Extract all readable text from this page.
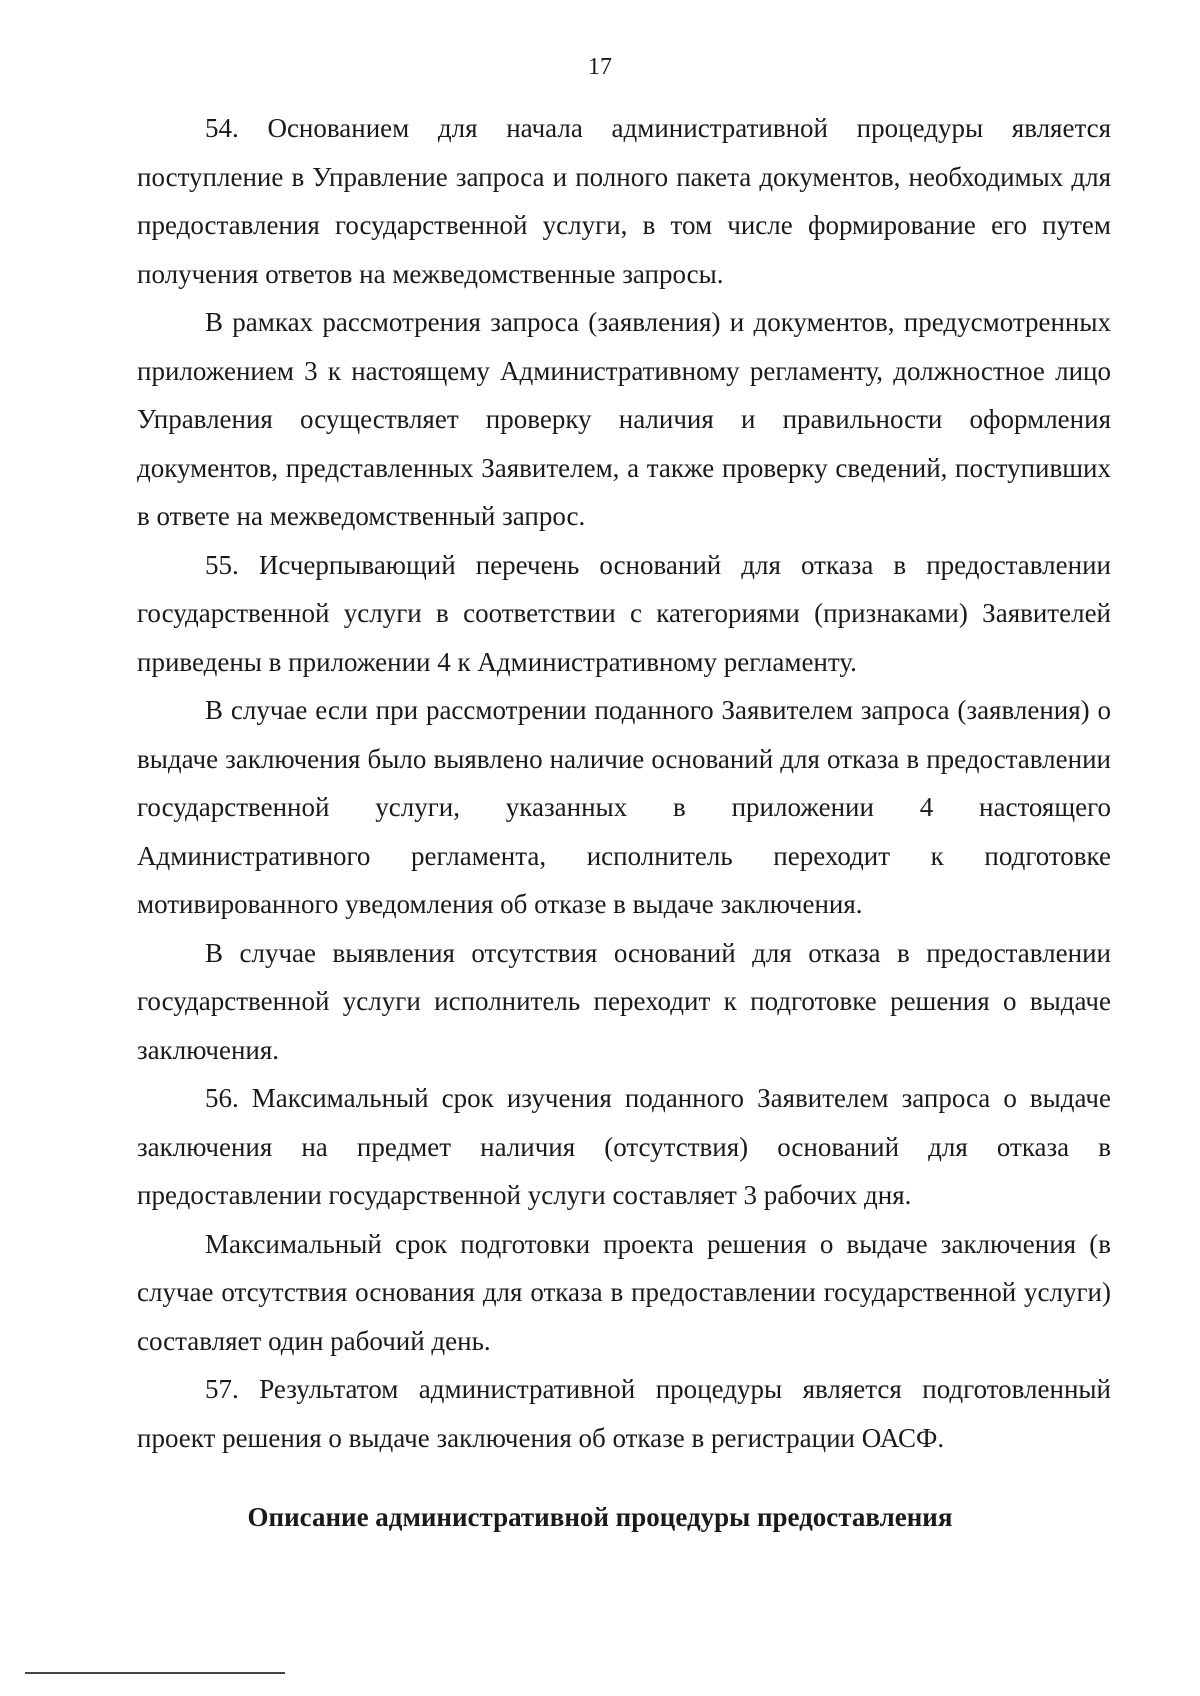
17

54. Основанием для начала административной процедуры является поступление в Управление запроса и полного пакета документов, необходимых для предоставления государственной услуги, в том числе формирование его путем получения ответов на межведомственные запросы.

В рамках рассмотрения запроса (заявления) и документов, предусмотренных приложением 3 к настоящему Административному регламенту, должностное лицо Управления осуществляет проверку наличия и правильности оформления документов, представленных Заявителем, а также проверку сведений, поступивших в ответе на межведомственный запрос.

55. Исчерпывающий перечень оснований для отказа в предоставлении государственной услуги в соответствии с категориями (признаками) Заявителей приведены в приложении 4 к Административному регламенту.

В случае если при рассмотрении поданного Заявителем запроса (заявления) о выдаче заключения было выявлено наличие оснований для отказа в предоставлении государственной услуги, указанных в приложении 4 настоящего Административного регламента, исполнитель переходит к подготовке мотивированного уведомления об отказе в выдаче заключения.

В случае выявления отсутствия оснований для отказа в предоставлении государственной услуги исполнитель переходит к подготовке решения о выдаче заключения.

56. Максимальный срок изучения поданного Заявителем запроса о выдаче заключения на предмет наличия (отсутствия) оснований для отказа в предоставлении государственной услуги составляет 3 рабочих дня.

Максимальный срок подготовки проекта решения о выдаче заключения (в случае отсутствия основания для отказа в предоставлении государственной услуги) составляет один рабочий день.

57. Результатом административной процедуры является подготовленный проект решения о выдаче заключения об отказе в регистрации ОАСФ.

Описание административной процедуры предоставления
